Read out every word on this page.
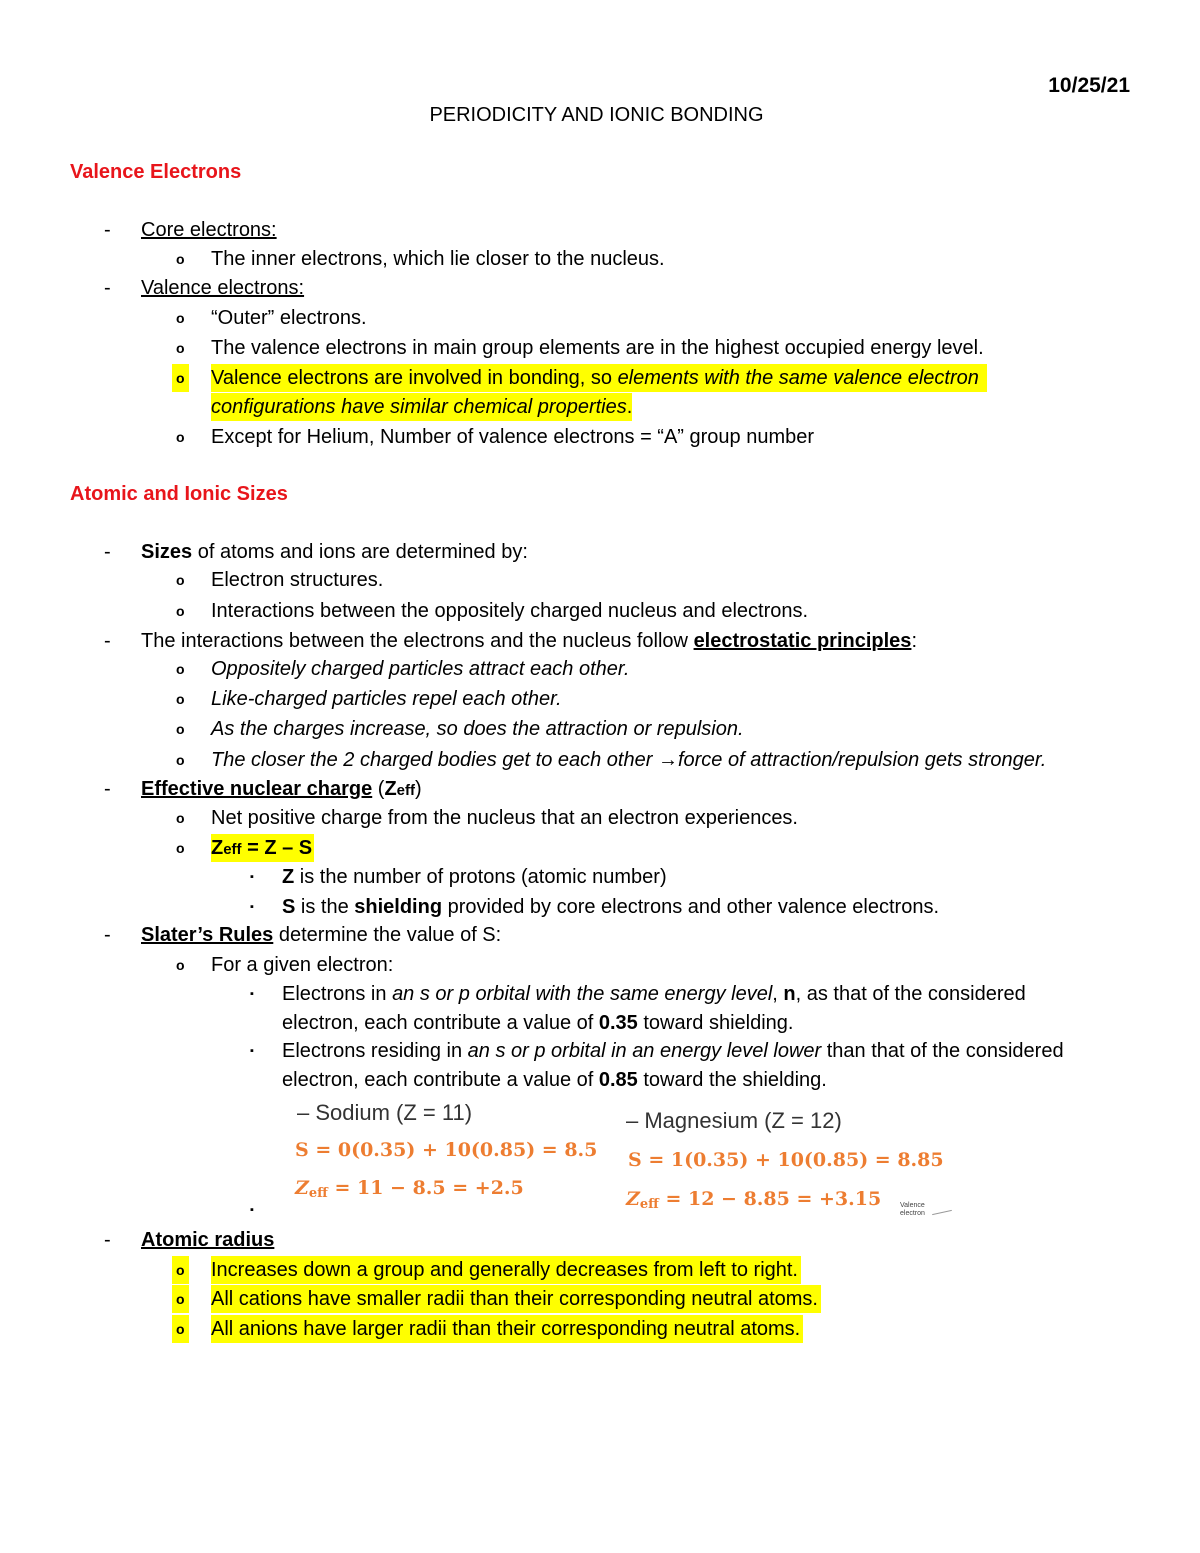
10/25/21
PERIODICITY AND IONIC BONDING
Valence Electrons
- Core electrons:
o The inner electrons, which lie closer to the nucleus.
- Valence electrons:
o “Outer” electrons.
o The valence electrons in main group elements are in the highest occupied energy level.
o Valence electrons are involved in bonding, so elements with the same valence electron
configurations have similar chemical properties.
o Except for Helium, Number of valence electrons = “A” group number
Atomic and Ionic Sizes
- Sizes of atoms and ions are determined by:
o Electron structures.
o Interactions between the oppositely charged nucleus and electrons.
- The interactions between the electrons and the nucleus follow electrostatic principles:
o Oppositely charged particles attract each other.
o Like-charged particles repel each other.
o As the charges increase, so does the attraction or repulsion.
o The closer the 2 charged bodies get to each other →force of attraction/repulsion gets stronger.
- Effective nuclear charge (Zeff)
o Net positive charge from the nucleus that an electron experiences.
o Zeff = Z – S
▪ Z is the number of protons (atomic number)
▪ S is the shielding provided by core electrons and other valence electrons.
- Slater’s Rules determine the value of S:
o For a given electron:
▪ Electrons in an s or p orbital with the same energy level, n, as that of the considered
electron, each contribute a value of 0.35 toward shielding.
▪ Electrons residing in an s or p orbital in an energy level lower than that of the considered
electron, each contribute a value of 0.85 toward the shielding.
– Sodium (Z = 11)
S = 0(0.35) + 10(0.85) = 8.5
$Z_{eff} = 11 - 8.5 = +2.5$
– Magnesium (Z = 12)
S = 1(0.35) + 10(0.85) = 8.85
$Z_{eff} = 12 - 8.85 = +3.15$	Valence
electron
▪
- Atomic radius
o Increases down a group and generally decreases from left to right.
o All cations have smaller radii than their corresponding neutral atoms.
o All anions have larger radii than their corresponding neutral atoms.
